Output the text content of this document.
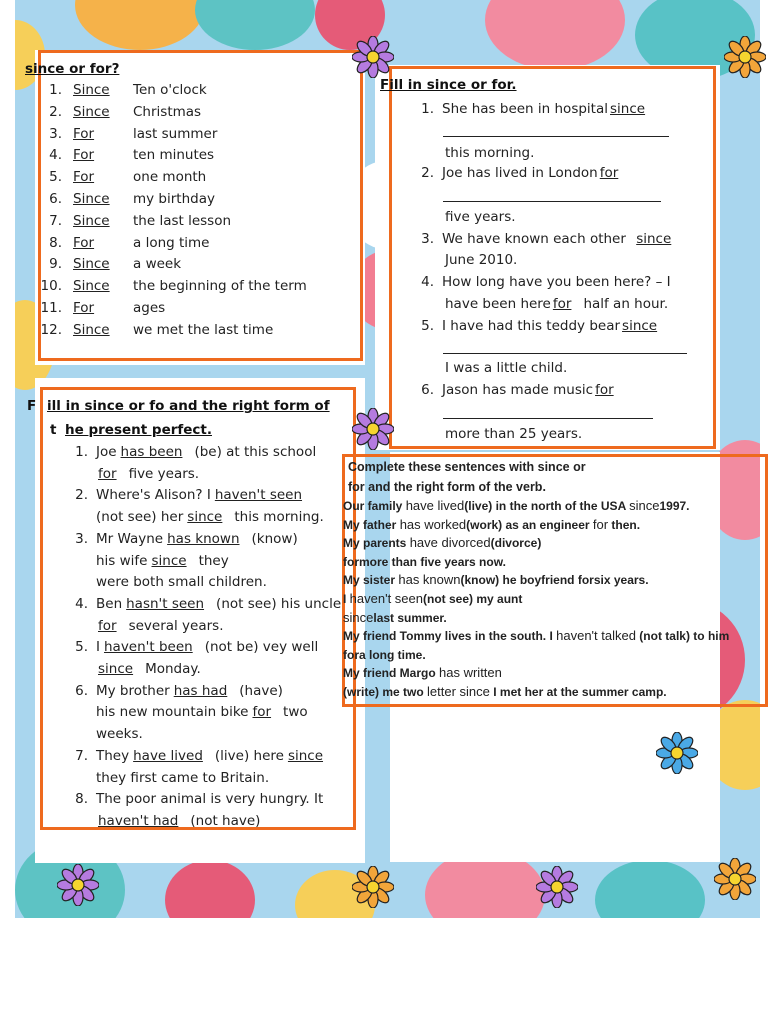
since or for?
1. Since Ten o'clock
2. Since Christmas
3. For	last summer
4. For	ten minutes
5. For	one month
6. Since my birthday
7. Since the last lesson
8. For	a long time
9. Since a week
10. Since the beginning of the term
11. For	ages
12. Since we met the last time
Fill in since or for.
1. She has been in hospital since
this morning.
2. Joe has lived in London for
five years.
3. We have known each other since
June 2010.
4. How long have you been here? – I
have been here for half an hour.
5. I have had this teddy bear since
I was a little child.
6. Jason has made music for
more than 25 years.
F ill in since or fo and the right form of
t he present perfect.
1. Joe has been (be) at this school
for five years.
2. Where's Alison? I haven't seen
(not see) her since this morning.
3. Mr Wayne has known (know)
his wife since they
were both small children.
4. Ben hasn't seen (not see) his uncle
for several years.
5. I haven't been (not be) vey well
since Monday.
6. My brother has had (have)
his new mountain bike for two
weeks.
7. They have lived (live) here since
they first came to Britain.
8. The poor animal is very hungry. It
haven't had (not have)
Complete these sentences with since or
for and the right form of the verb.
Our family have lived(live) in the north of the USA since1997.
My father has worked(work) as an engineer for then.
My parents have divorced(divorce)
formore than five years now.
My sister has known(know) he boyfriend forsix years.
I haven't seen(not see) my aunt
sincelast summer.
My friend Tommy lives in the south. I haven't talked (not talk) to him
fora long time.
My friend Margo has written
(write) me two letter since I met her at the summer camp.
